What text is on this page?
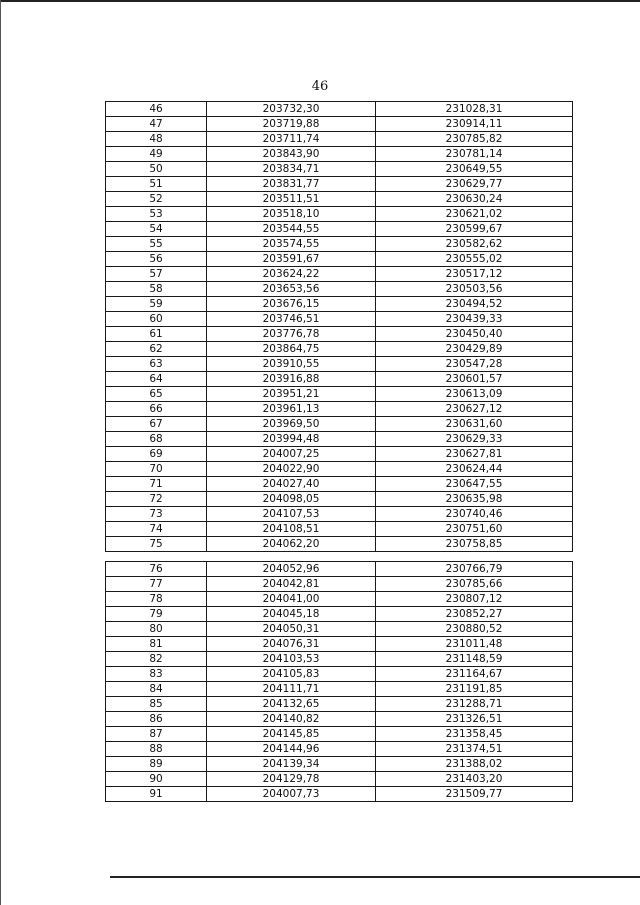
46
46	203732,30	231028,31
47	203719,88	230914,11
48	203711,74	230785,82
49	203843,90	230781,14
50	203834,71	230649,55
51	203831,77	230629,77
52	203511,51	230630,24
53	203518,10	230621,02
54	203544,55	230599,67
55	203574,55	230582,62
56	203591,67	230555,02
57	203624,22	230517,12
58	203653,56	230503,56
59	203676,15	230494,52
60	203746,51	230439,33
61	203776,78	230450,40
62	203864,75	230429,89
63	203910,55	230547,28
64	203916,88	230601,57
65	203951,21	230613,09
66	203961,13	230627,12
67	203969,50	230631,60
68	203994,48	230629,33
69	204007,25	230627,81
70	204022,90	230624,44
71	204027,40	230647,55
72	204098,05	230635,98
73	204107,53	230740,46
74	204108,51	230751,60
75	204062,20	230758,85
76	204052,96	230766,79
77	204042,81	230785,66
78	204041,00	230807,12
79	204045,18	230852,27
80	204050,31	230880,52
81	204076,31	231011,48
82	204103,53	231148,59
83	204105,83	231164,67
84	204111,71	231191,85
85	204132,65	231288,71
86	204140,82	231326,51
87	204145,85	231358,45
88	204144,96	231374,51
89	204139,34	231388,02
90	204129,78	231403,20
91	204007,73	231509,77
